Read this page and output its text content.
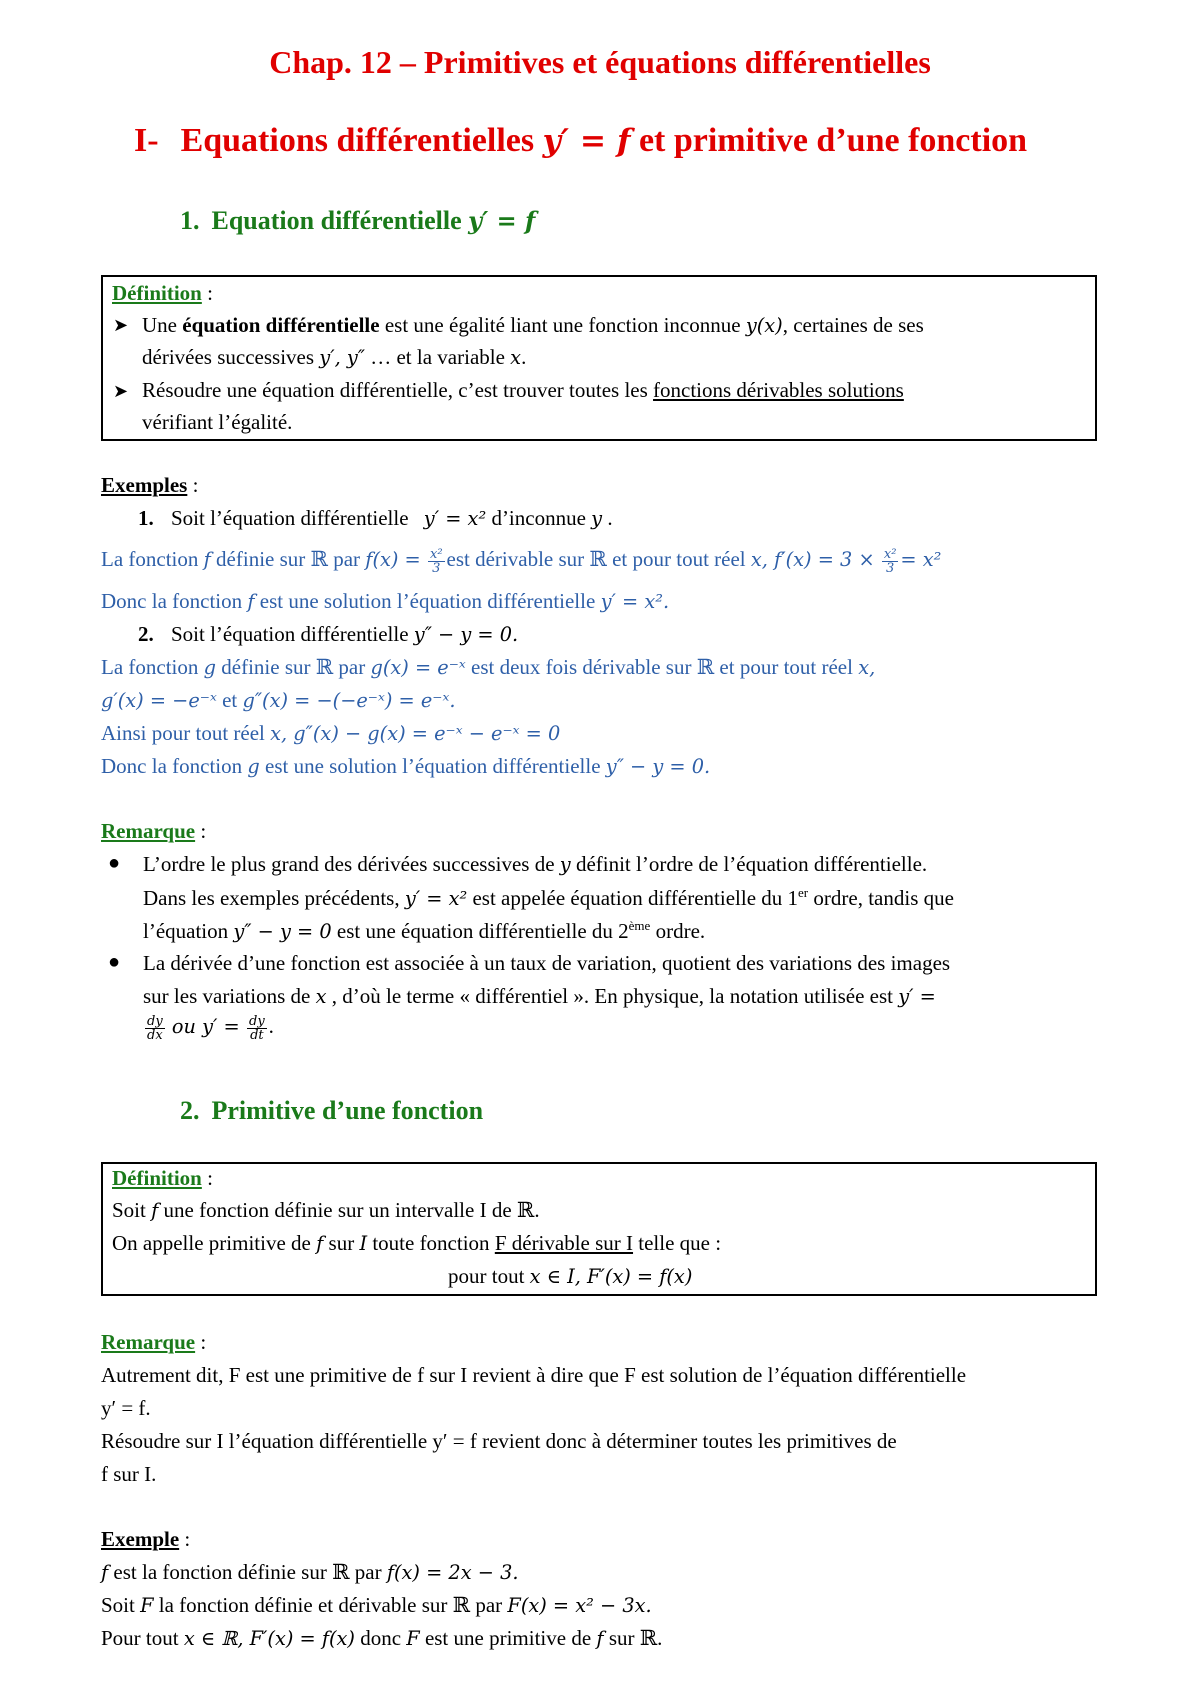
Chap. 12 – Primitives et équations différentielles
I- Equations différentielles y′ = f et primitive d’une fonction
1. Equation différentielle y′ = f
Définition :
➤ Une équation différentielle est une égalité liant une fonction inconnue y(x), certaines de ses
dérivées successives y′, y″ … et la variable x.
➤ Résoudre une équation différentielle, c’est trouver toutes les fonctions dérivables solutions
vérifiant l’égalité.
Exemples :
1. Soit l’équation différentielle y′ = x² d’inconnue y .
La fonction f définie sur ℝ par $f(x) = \frac{\text{x²}}{3}$ est dérivable sur ℝ et pour tout réel x, $f'(x) = 3 \times \frac{\text{x²}}{3} = x^2$
Donc la fonction f est une solution l’équation différentielle y′ = x².
2. Soit l’équation différentielle y″ − y = 0.
La fonction g définie sur ℝ par g(x) = e⁻ˣ est deux fois dérivable sur ℝ et pour tout réel x,
g′(x) = −e⁻ˣ et g″(x) = −(−e⁻ˣ) = e⁻ˣ.
Ainsi pour tout réel x, g″(x) − g(x) = e⁻ˣ − e⁻ˣ = 0
Donc la fonction g est une solution l’équation différentielle y″ − y = 0.
Remarque :
● L’ordre le plus grand des dérivées successives de y définit l’ordre de l’équation différentielle.
Dans les exemples précédents, y′ = x² est appelée équation différentielle du 1er ordre, tandis que
l’équation y″ − y = 0 est une équation différentielle du 2ème ordre.
● La dérivée d’une fonction est associée à un taux de variation, quotient des variations des images
sur les variations de x , d’où le terme « différentiel ». En physique, la notation utilisée est y′ =
$\frac{dy}{dx}$ ou $y' = \frac{dy}{dt}$ .
2. Primitive d’une fonction
Définition :
Soit f une fonction définie sur un intervalle I de ℝ.
On appelle primitive de f sur I toute fonction F dérivable sur I telle que :
pour tout x ∈ I, F′(x) = f(x)
Remarque :
Autrement dit, F est une primitive de f sur I revient à dire que F est solution de l’équation différentielle
y′ = f.
Résoudre sur I l’équation différentielle y′ = f revient donc à déterminer toutes les primitives de
f sur I.
Exemple :
f est la fonction définie sur ℝ par f(x) = 2x − 3.
Soit F la fonction définie et dérivable sur ℝ par F(x) = x² − 3x.
Pour tout x ∈ ℝ, F′(x) = f(x) donc F est une primitive de f sur ℝ.
